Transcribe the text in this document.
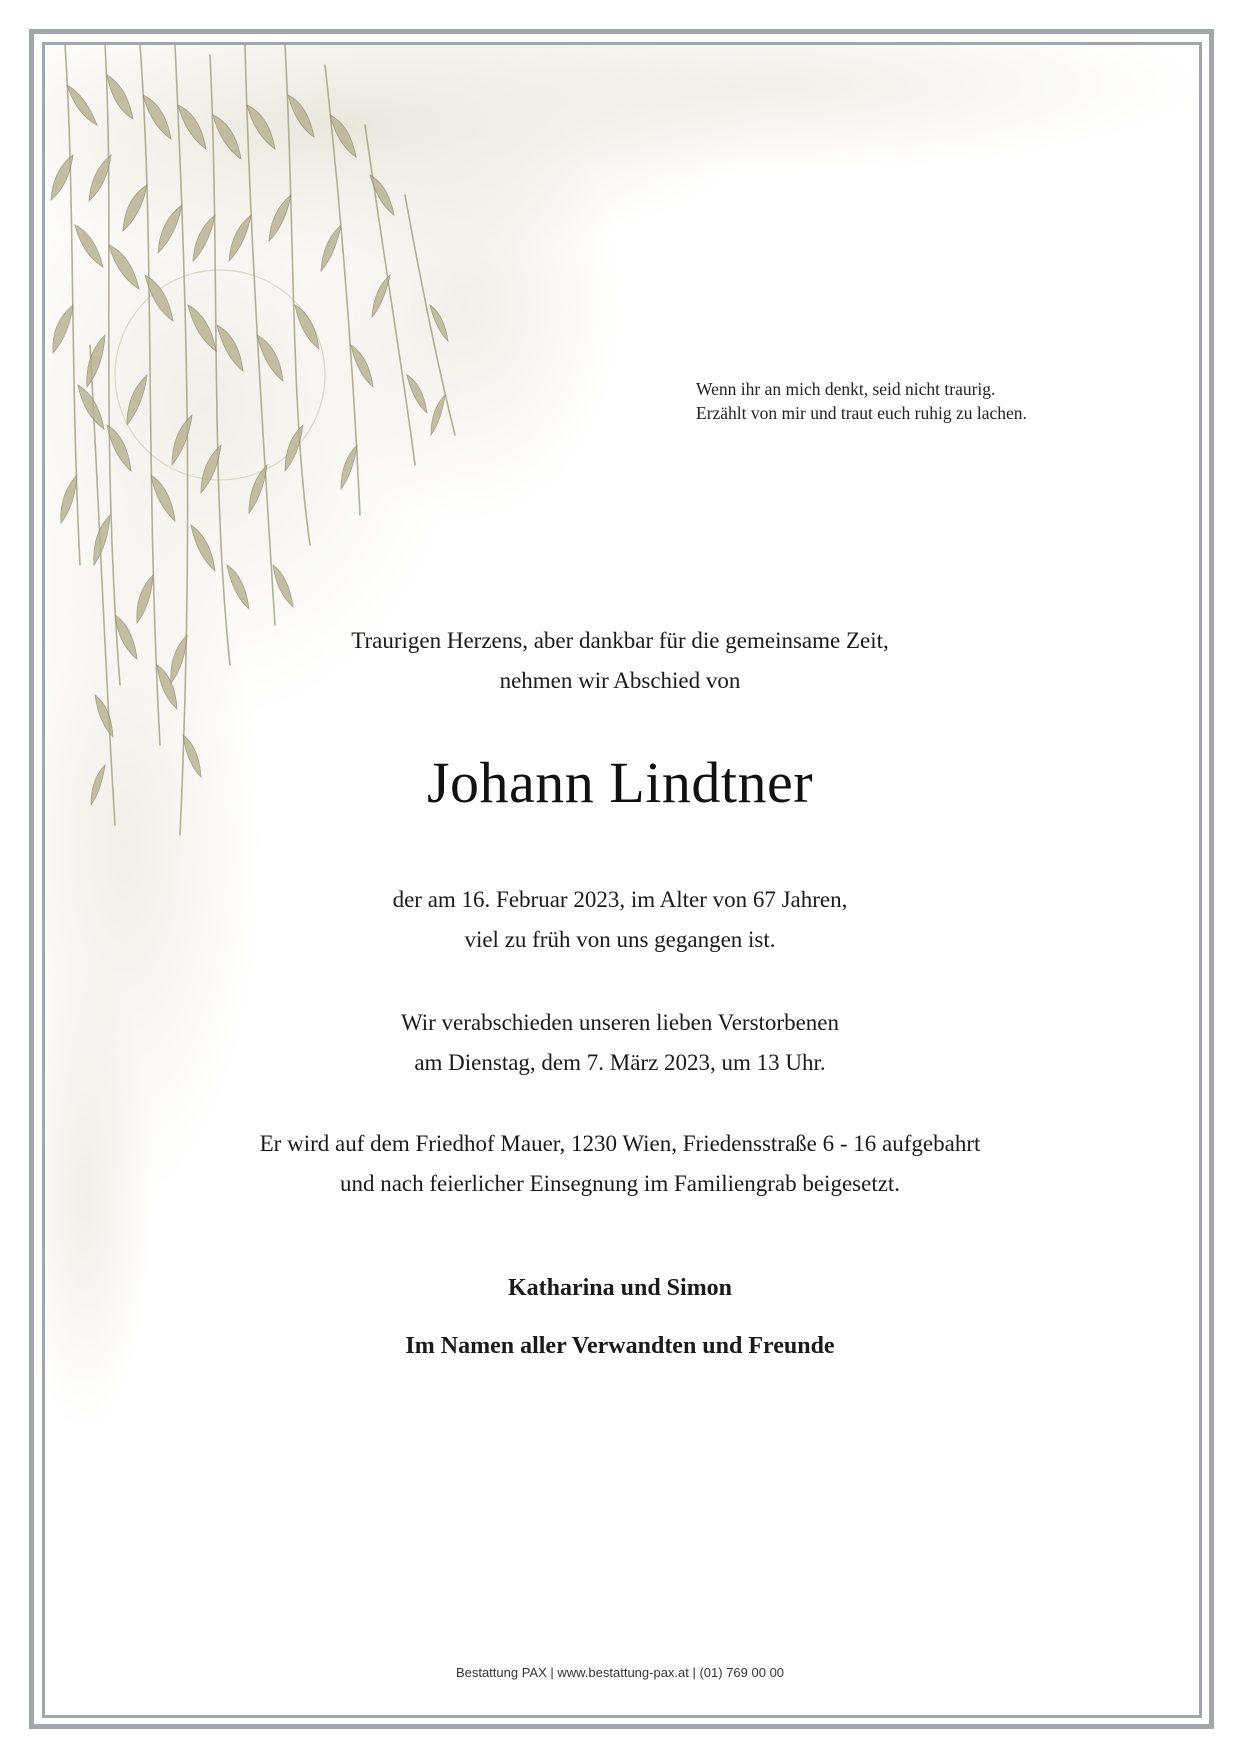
Wenn ihr an mich denkt, seid nicht traurig.
Erzählt von mir und traut euch ruhig zu lachen.
Traurigen Herzens, aber dankbar für die gemeinsame Zeit,
nehmen wir Abschied von
Johann Lindtner
der am 16. Februar 2023, im Alter von 67 Jahren,
viel zu früh von uns gegangen ist.
Wir verabschieden unseren lieben Verstorbenen
am Dienstag, dem 7. März 2023, um 13 Uhr.
Er wird auf dem Friedhof Mauer, 1230 Wien, Friedensstraße 6 - 16 aufgebahrt
und nach feierlicher Einsegnung im Familiengrab beigesetzt.
Katharina und Simon
Im Namen aller Verwandten und Freunde
Bestattung PAX | www.bestattung-pax.at | (01) 769 00 00
